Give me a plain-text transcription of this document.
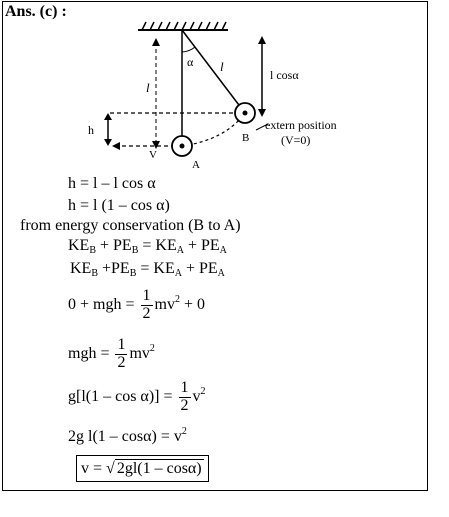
Ans. (c) :
α l
l
l cosα
h
V
A
B
extern position
(V=0)
h = l – l cos α
h = l (1 – cos α)
from energy conservation (B to A)
$KE_B + PE_B = KE_A + PE_A$
$KE_B +PE_B = KE_A + PE_A$
0 + mgh = $\frac{1}{2} mv^2 + 0$
mgh = $\frac{1}{2} mv^2$
$g[l(1 - \cos \alpha)] = \frac{1}{2} v^2$
2g $l(1 - \cos\alpha) = v^2$
v = √ 2gl(1 – cosα)
